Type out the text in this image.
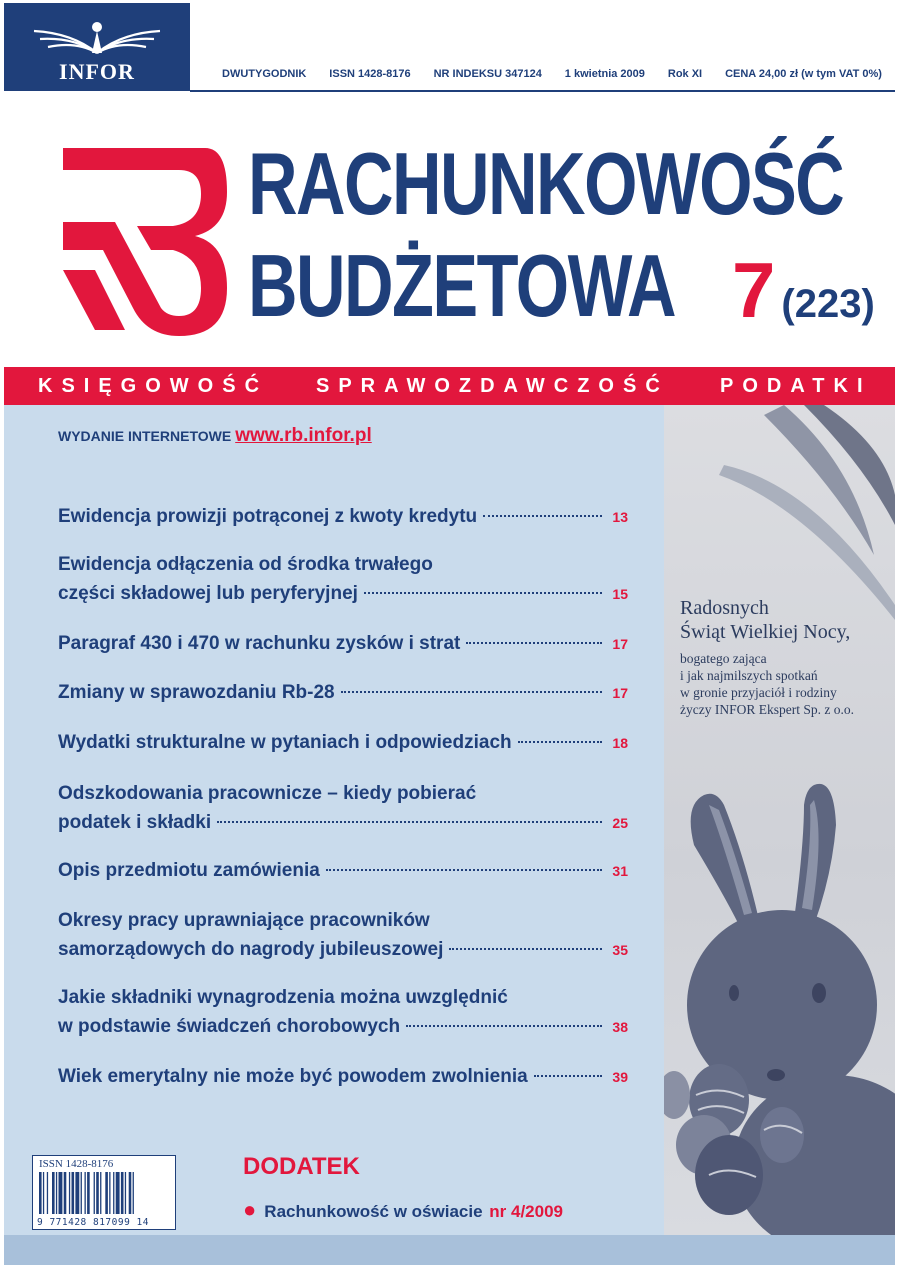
INFOR	DWUTYGODNIK ISSN 1428-8176 NR INDEKSU 347124 1 kwietnia 2009 Rok XI CENA 24,00 zł (w tym VAT 0%)
RACHUNKOWOŚĆ
BUDŻETOWA 7 (223)
KSIĘGOWOŚĆ SPRAWOZDAWCZOŚĆ	PODATKI
WYDANIE INTERNETOWE www.rb.infor.pl
Ewidencja prowizji potrąconej z kwoty kredytu	13
Ewidencja odłączenia od środka trwałego
części składowej lub peryferyjnej	15
Paragraf 430 i 470 w rachunku zysków i strat	17
Zmiany w sprawozdaniu Rb-28	17
Wydatki strukturalne w pytaniach i odpowiedziach	18
Odszkodowania pracownicze – kiedy pobierać
podatek i składki	25
Opis przedmiotu zamówienia	31
Okresy pracy uprawniające pracowników
samorządowych do nagrody jubileuszowej	35
Jakie składniki wynagrodzenia można uwzględnić
w podstawie świadczeń chorobowych	38
Wiek emerytalny nie może być powodem zwolnienia	39
Radosnych
Świąt Wielkiej Nocy,
bogatego zająca
i jak najmilszych spotkań
w gronie przyjaciół i rodziny
życzy INFOR Ekspert Sp. z o.o.
ISSN 1428-8176
9 771428 817099 14
DODATEK
● Rachunkowość w oświacie nr 4/2009
